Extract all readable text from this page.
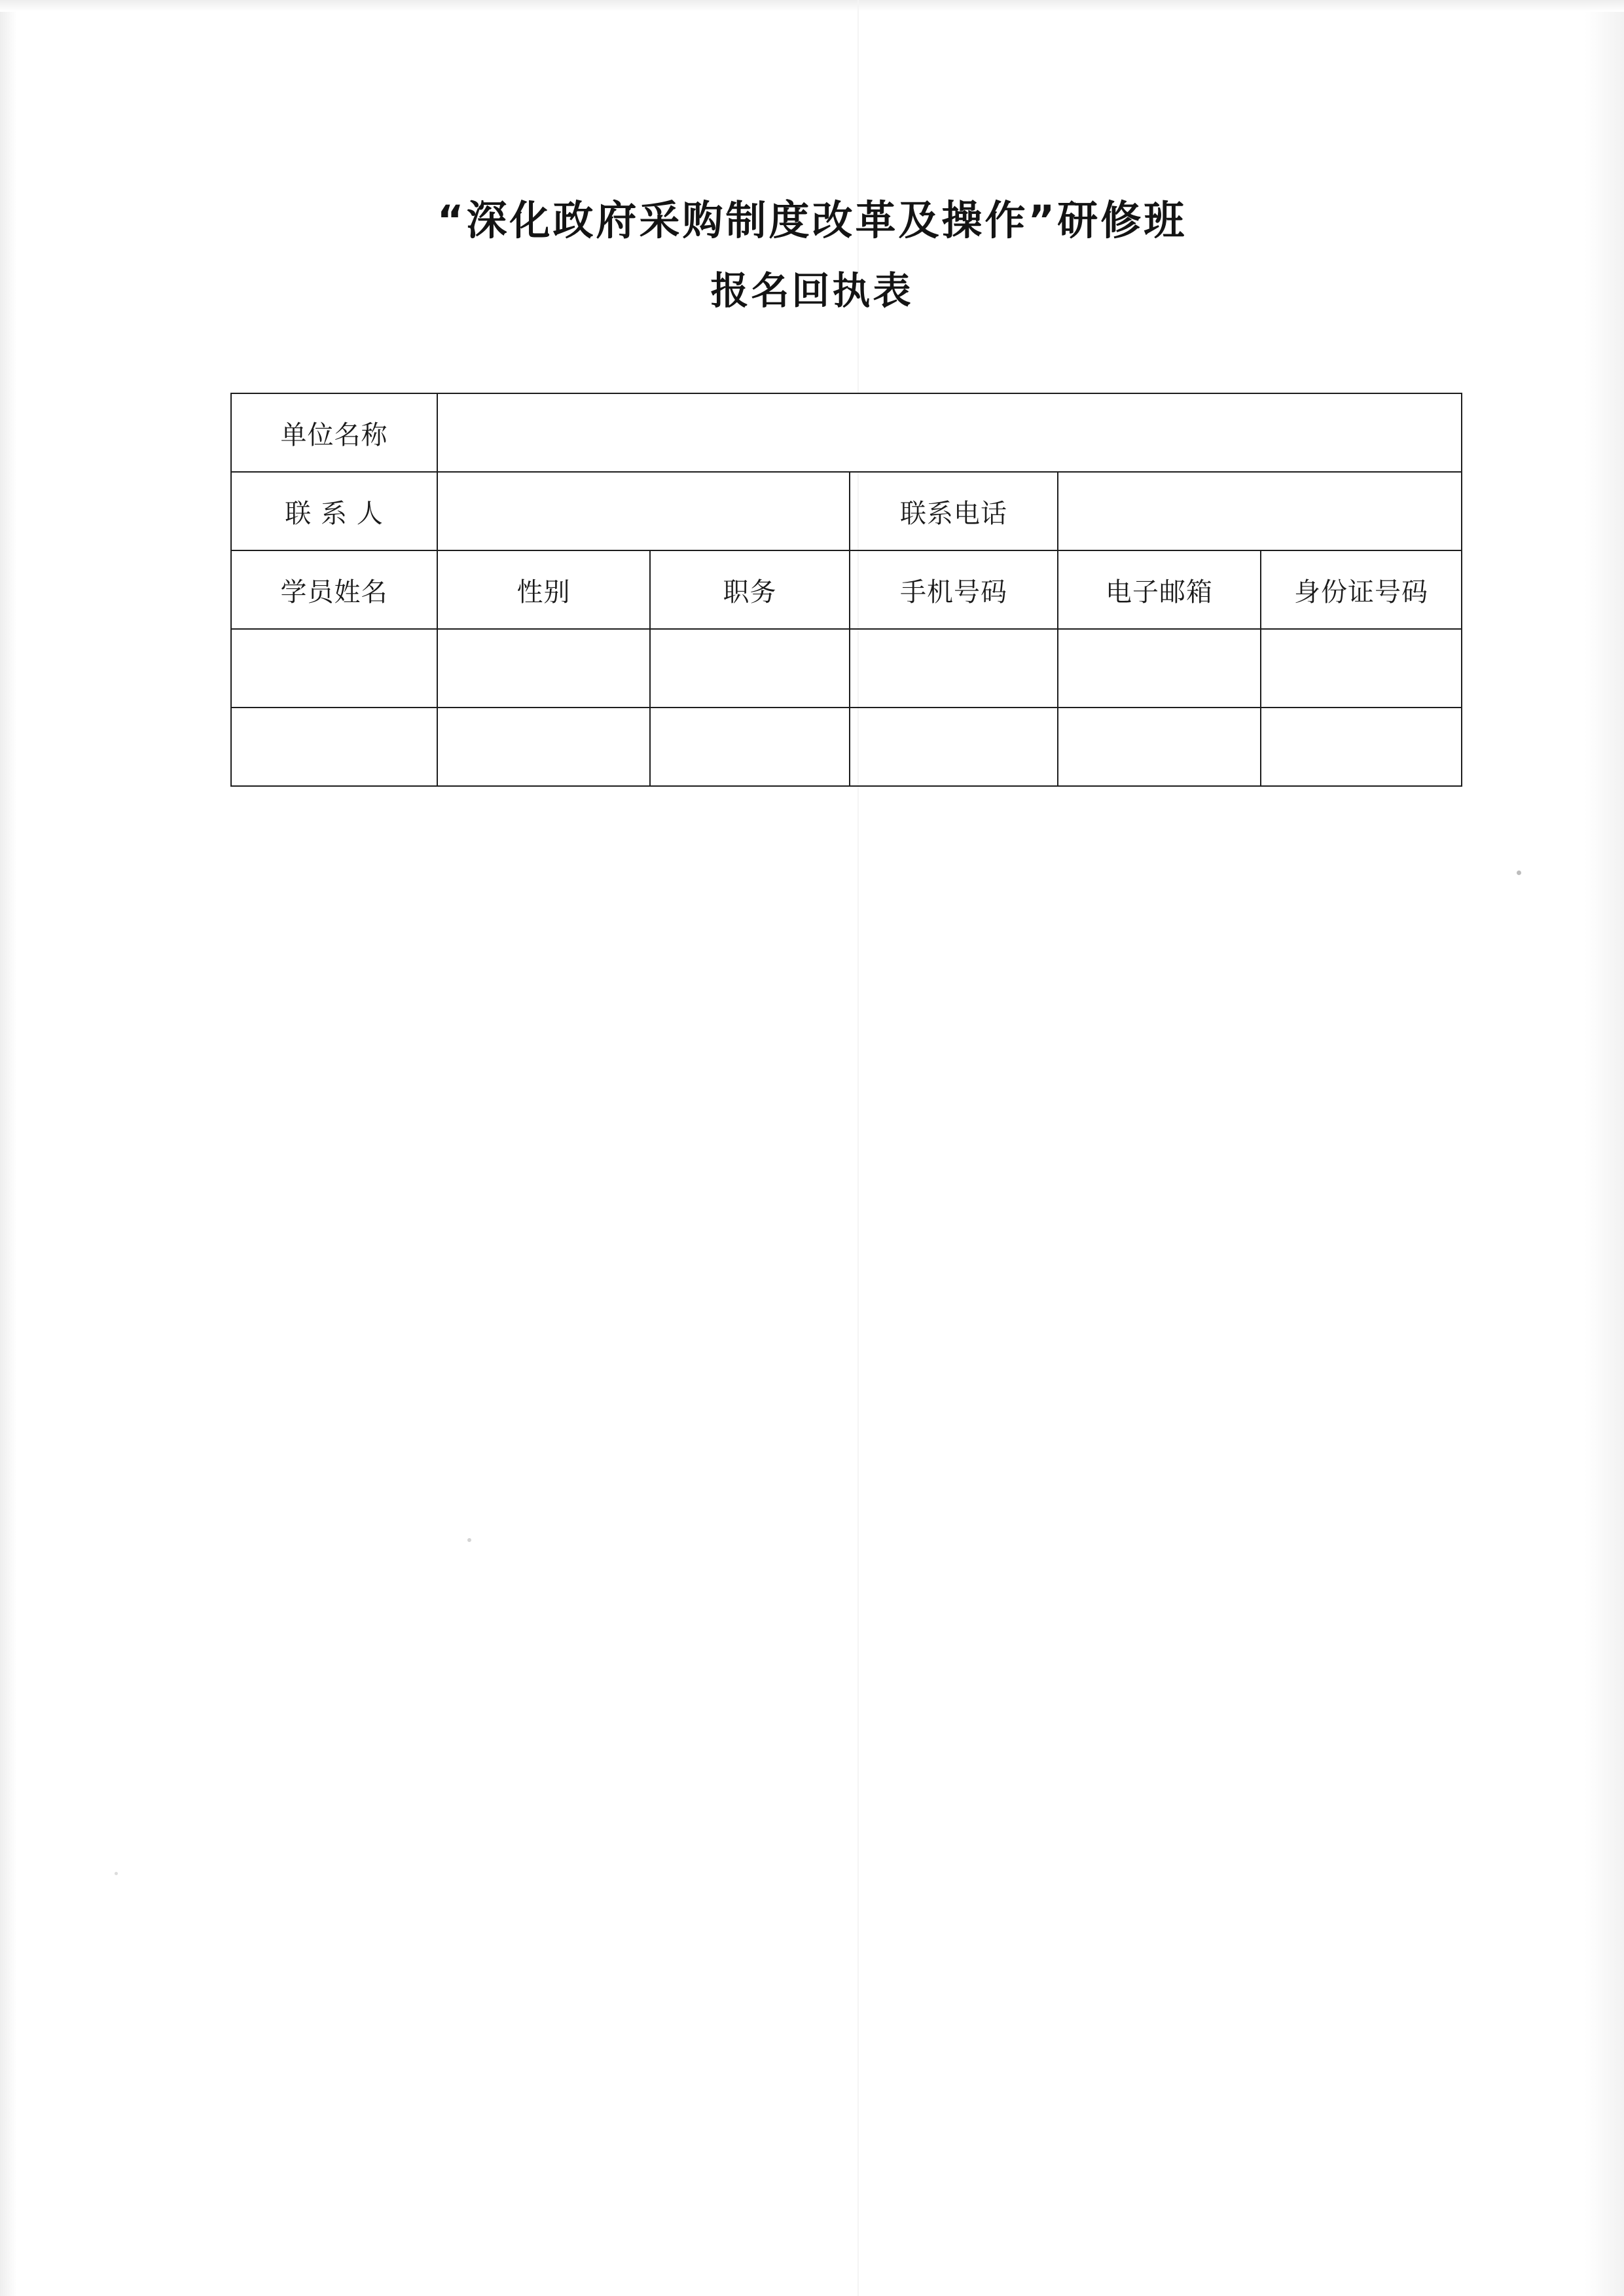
“深化政府采购制度改革及操作”研修班
报名回执表
单位名称					
联 系 人			联系电话		
学员姓名	性别	职务	手机号码	电子邮箱	身份证号码
